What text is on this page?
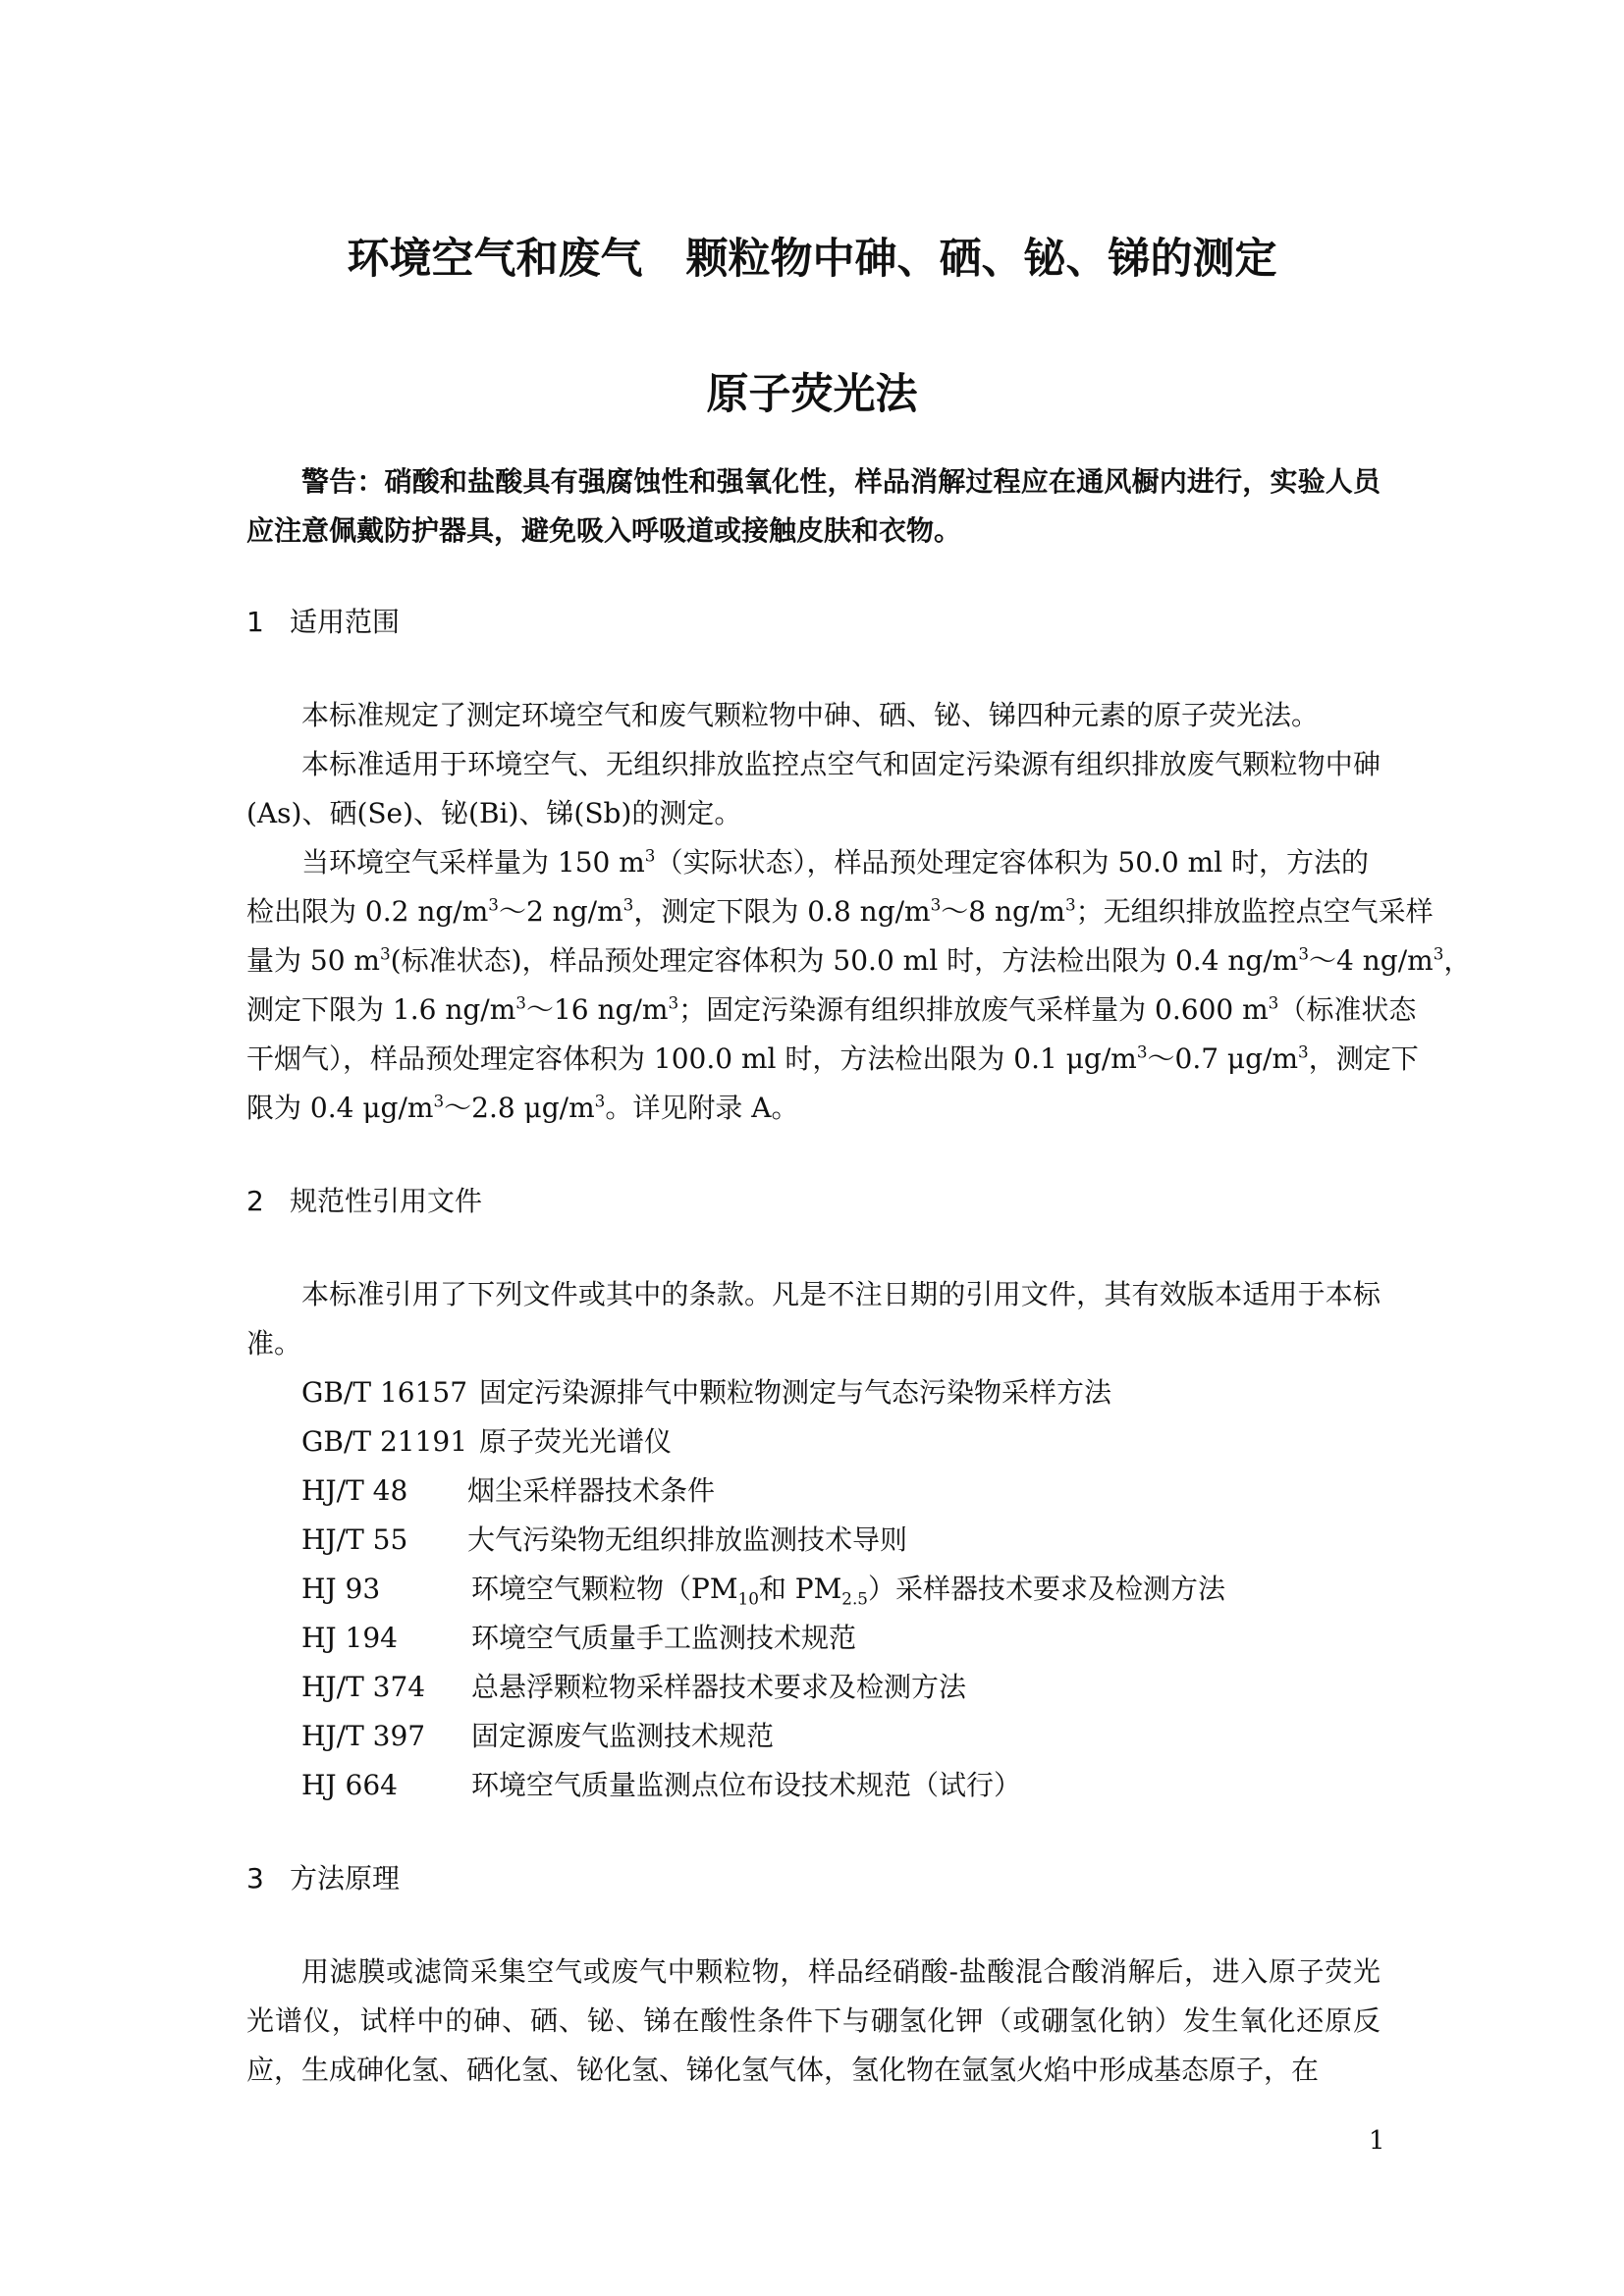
环境空气和废气 颗粒物中砷、硒、铋、锑的测定
原子荧光法
警告：硝酸和盐酸具有强腐蚀性和强氧化性，样品消解过程应在通风橱内进行，实验人员应注意佩戴防护器具，避免吸入呼吸道或接触皮肤和衣物。
1 适用范围

本标准规定了测定环境空气和废气颗粒物中砷、硒、铋、锑四种元素的原子荧光法。

本标准适用于环境空气、无组织排放监控点空气和固定污染源有组织排放废气颗粒物中砷(As)、硒(Se)、铋(Bi)、锑(Sb)的测定。

当环境空气采样量为 150 $m^3$（实际状态），样品预处理定容体积为 50.0 ml 时，方法的
检出限为 0.2 $ng/m^3\sim 2$ $ng/m^3$，测定下限为 0.8 $ng/m^3\sim 8$ $ng/m^3$；无组织排放监控点空气采样
量为 50 $m^3$(标准状态)，样品预处理定容体积为 50.0 ml 时，方法检出限为 0.4 $ng/m^3\sim 4$ $ng/m^3$，
测定下限为 1.6 $ng/m^3\sim 16$ $ng/m^3$；固定污染源有组织排放废气采样量为 0.600 $m^3$（标准状态
干烟气），样品预处理定容体积为 100.0 ml 时，方法检出限为 0.1 $\mu g/m^3\sim 0.7$ $\mu g/m^3$，测定下
限为 0.4 $\mu g/m^3\sim 2.8$ $\mu g/m^3$。详见附录 A。
2 规范性引用文件

本标准引用了下列文件或其中的条款。凡是不注日期的引用文件，其有效版本适用于本标准。

GB/T 16157 固定污染源排气中颗粒物测定与气态污染物采样方法
GB/T 21191 原子荧光光谱仪
HJ/T 48 烟尘采样器技术条件
HJ/T 55 大气污染物无组织排放监测技术导则
HJ 93	环境空气颗粒物（$PM_{10}$和 $PM_{2.5}$）采样器技术要求及检测方法
HJ 194	环境空气质量手工监测技术规范
HJ/T 374 总悬浮颗粒物采样器技术要求及检测方法
HJ/T 397 固定源废气监测技术规范
HJ 664	环境空气质量监测点位布设技术规范（试行）
3 方法原理

用滤膜或滤筒采集空气或废气中颗粒物，样品经硝酸-盐酸混合酸消解后，进入原子荧光光谱仪，试样中的砷、硒、铋、锑在酸性条件下与硼氢化钾（或硼氢化钠）发生氧化还原反应，生成砷化氢、硒化氢、铋化氢、锑化氢气体，氢化物在氩氢火焰中形成基态原子，在

1
